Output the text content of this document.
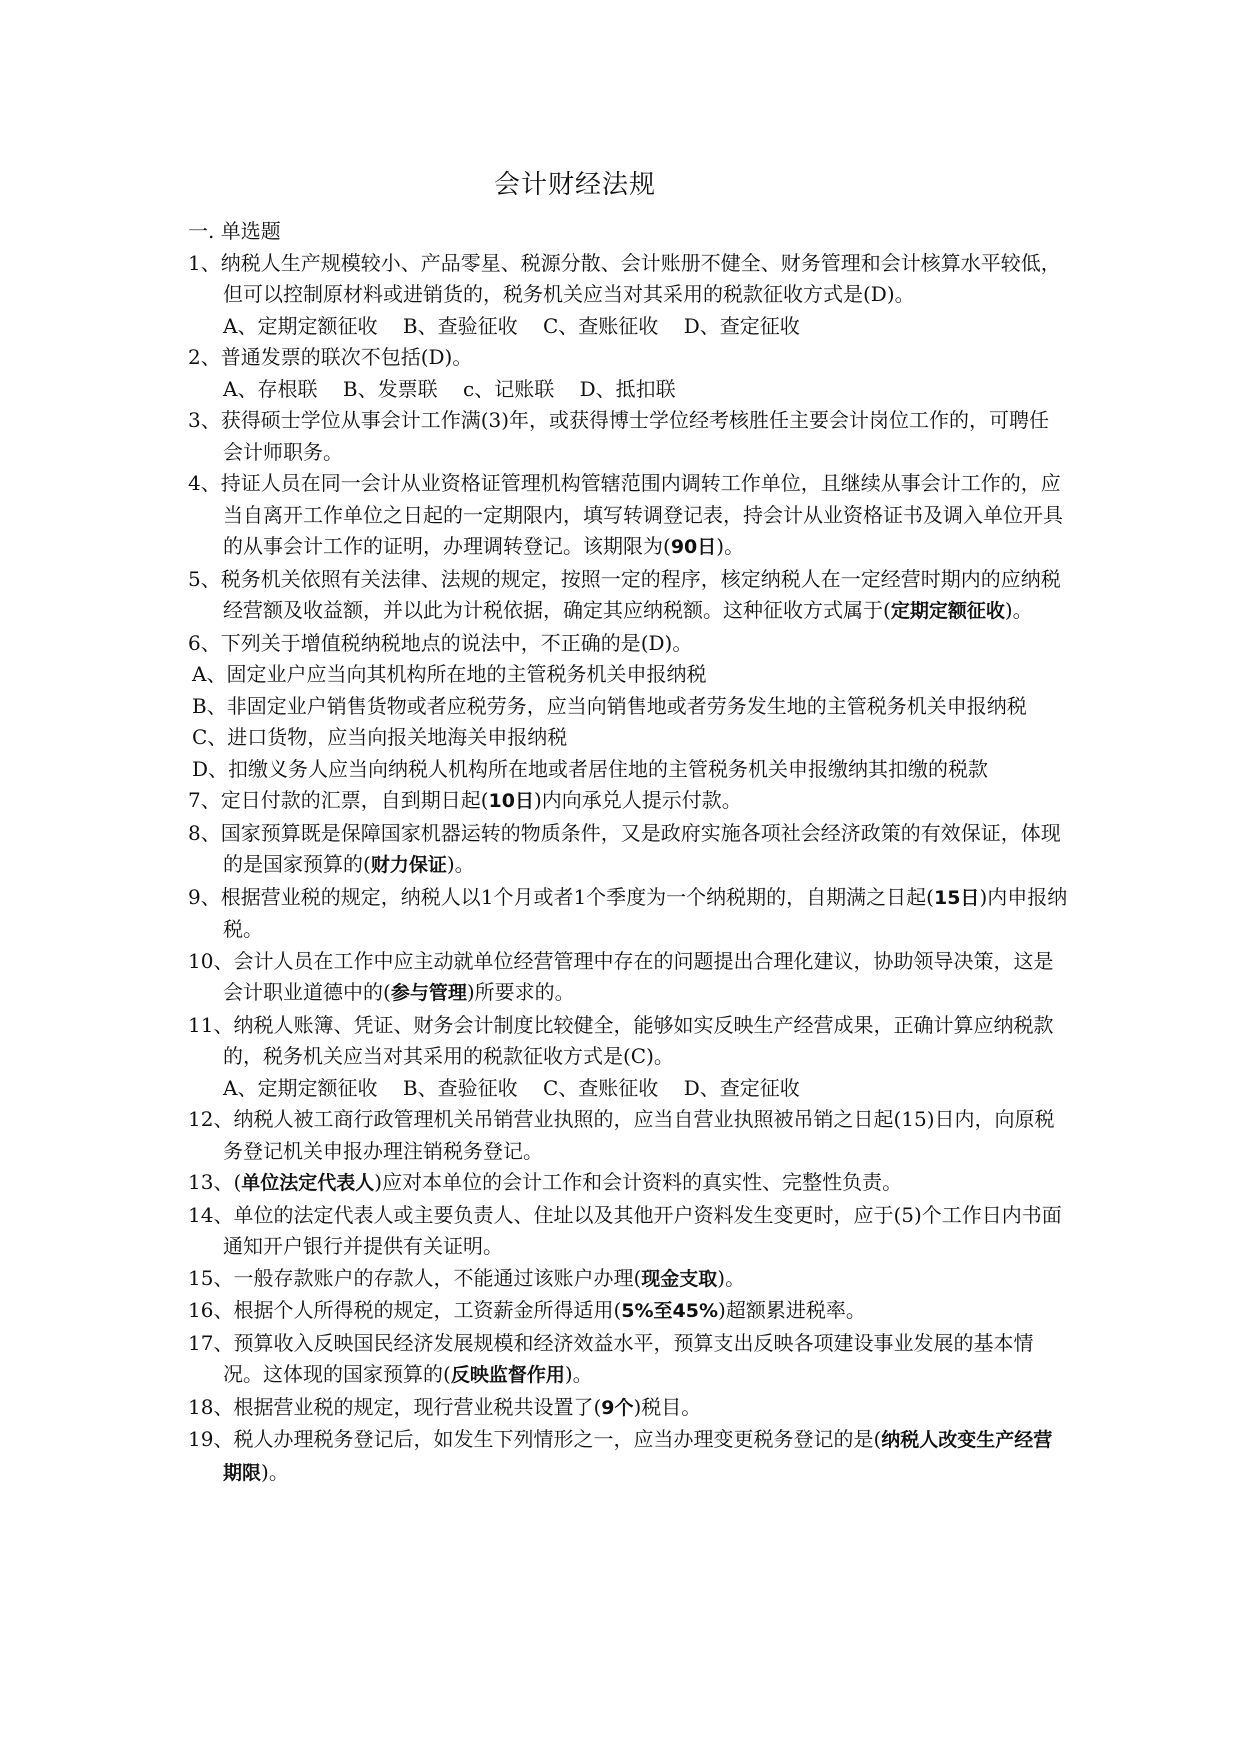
会计财经法规
一. 单选题
1、纳税人生产规模较小、产品零星、税源分散、会计账册不健全、财务管理和会计核算水平较低，但可以控制原材料或进销货的，税务机关应当对其采用的税款征收方式是(D)。
A、定期定额征收    B、查验征收    C、查账征收    D、查定征收
2、普通发票的联次不包括(D)。
A、存根联    B、发票联    c、记账联    D、抵扣联
3、获得硕士学位从事会计工作满(3)年，或获得博士学位经考核胜任主要会计岗位工作的，可聘任会计师职务。
4、持证人员在同一会计从业资格证管理机构管辖范围内调转工作单位，且继续从事会计工作的，应当自离开工作单位之日起的一定期限内，填写转调登记表，持会计从业资格证书及调入单位开具的从事会计工作的证明，办理调转登记。该期限为(90日)。
5、税务机关依照有关法律、法规的规定，按照一定的程序，核定纳税人在一定经营时期内的应纳税经营额及收益额，并以此为计税依据，确定其应纳税额。这种征收方式属于(定期定额征收)。
6、下列关于增值税纳税地点的说法中，不正确的是(D)。
A、固定业户应当向其机构所在地的主管税务机关申报纳税
B、非固定业户销售货物或者应税劳务，应当向销售地或者劳务发生地的主管税务机关申报纳税
C、进口货物，应当向报关地海关申报纳税
D、扣缴义务人应当向纳税人机构所在地或者居住地的主管税务机关申报缴纳其扣缴的税款
7、定日付款的汇票，自到期日起(10日)内向承兑人提示付款。
8、国家预算既是保障国家机器运转的物质条件，又是政府实施各项社会经济政策的有效保证，体现的是国家预算的(财力保证)。
9、根据营业税的规定，纳税人以1个月或者1个季度为一个纳税期的，自期满之日起(15日)内申报纳税。
10、会计人员在工作中应主动就单位经营管理中存在的问题提出合理化建议，协助领导决策，这是会计职业道德中的(参与管理)所要求的。
11、纳税人账簿、凭证、财务会计制度比较健全，能够如实反映生产经营成果，正确计算应纳税款的，税务机关应当对其采用的税款征收方式是(C)。
A、定期定额征收    B、查验征收    C、查账征收    D、查定征收
12、纳税人被工商行政管理机关吊销营业执照的，应当自营业执照被吊销之日起(15)日内，向原税务登记机关申报办理注销税务登记。
13、(单位法定代表人)应对本单位的会计工作和会计资料的真实性、完整性负责。
14、单位的法定代表人或主要负责人、住址以及其他开户资料发生变更时，应于(5)个工作日内书面通知开户银行并提供有关证明。
15、一般存款账户的存款人，不能通过该账户办理(现金支取)。
16、根据个人所得税的规定，工资薪金所得适用(5%至45%)超额累进税率。
17、预算收入反映国民经济发展规模和经济效益水平，预算支出反映各项建设事业发展的基本情况。这体现的国家预算的(反映监督作用)。
18、根据营业税的规定，现行营业税共设置了(9个)税目。
19、税人办理税务登记后，如发生下列情形之一，应当办理变更税务登记的是(纳税人改变生产经营期限)。
